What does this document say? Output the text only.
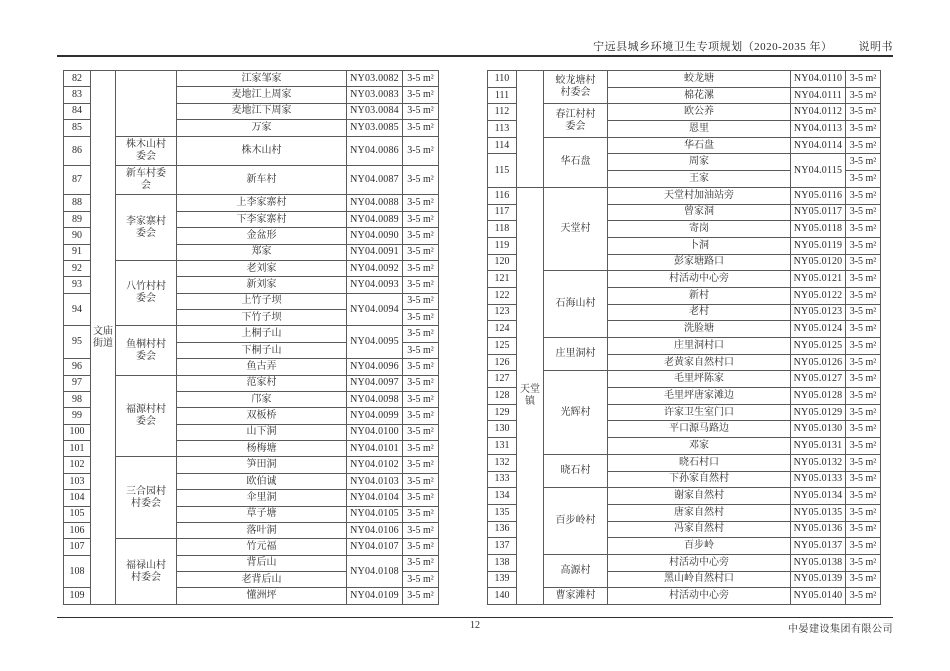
宁远县城乡环境卫生专项规划（2020-2035 年） 说明书
82	文庙街道		江家邹家	NY03.0082	3-5 m²
83			麦地江上周家	NY03.0083	3-5 m²
84			麦地江下周家	NY03.0084	3-5 m²
85			万家	NY03.0085	3-5 m²
86		株木山村委会	株木山村	NY04.0086	3-5 m²
87		新车村委会	新车村	NY04.0087	3-5 m²
88		李家寨村委会	上李家寨村	NY04.0088	3-5 m²
89			下李家寨村	NY04.0089	3-5 m²
90			金盆形	NY04.0090	3-5 m²
91			郑家	NY04.0091	3-5 m²
92		八竹村村委会	老刘家	NY04.0092	3-5 m²
93			新刘家	NY04.0093	3-5 m²
94			上竹子坝	NY04.0094	3-5 m²
			下竹子坝		3-5 m²
95		鱼桐村村委会	上桐子山	NY04.0095	3-5 m²
			下桐子山		3-5 m²
96			鱼古弄	NY04.0096	3-5 m²
97		福源村村委会	范家村	NY04.0097	3-5 m²
98			邝家	NY04.0098	3-5 m²
99			双板桥	NY04.0099	3-5 m²
100			山下洞	NY04.0100	3-5 m²
101			杨梅塘	NY04.0101	3-5 m²
102		三合园村村委会	笋田洞	NY04.0102	3-5 m²
103			欧伯诚	NY04.0103	3-5 m²
104			伞里洞	NY04.0104	3-5 m²
105			草子塘	NY04.0105	3-5 m²
106			落叶洞	NY04.0106	3-5 m²
107		福禄山村村委会	竹元福	NY04.0107	3-5 m²
108			背后山	NY04.0108	3-5 m²
			老背后山		3-5 m²
109			懂洲坪	NY04.0109	3-5 m²
110		蛟龙塘村村委会	蛟龙塘	NY04.0110	3-5 m²
111			棉花漯	NY04.0111	3-5 m²
112		春江村村委会	欧公养	NY04.0112	3-5 m²
113			恩里	NY04.0113	3-5 m²
114		华石盘	华石盘	NY04.0114	3-5 m²
115			周家	NY04.0115	3-5 m²
			王家		3-5 m²
116	天堂镇	天堂村	天堂村加油站旁	NY05.0116	3-5 m²
117			曾家洞	NY05.0117	3-5 m²
118			寄岗	NY05.0118	3-5 m²
119			卜洞	NY05.0119	3-5 m²
120			彭家塘路口	NY05.0120	3-5 m²
121		石海山村	村活动中心旁	NY05.0121	3-5 m²
122			新村	NY05.0122	3-5 m²
123			老村	NY05.0123	3-5 m²
124			洗脸塘	NY05.0124	3-5 m²
125		庄里洞村	庄里洞村口	NY05.0125	3-5 m²
126			老黄家自然村口	NY05.0126	3-5 m²
127		光辉村	毛里坪陈家	NY05.0127	3-5 m²
128			毛里坪唐家滩边	NY05.0128	3-5 m²
129			许家卫生室门口	NY05.0129	3-5 m²
130			平口源马路边	NY05.0130	3-5 m²
131			邓家	NY05.0131	3-5 m²
132		晓石村	晓石村口	NY05.0132	3-5 m²
133			下孙家自然村	NY05.0133	3-5 m²
134		百步岭村	谢家自然村	NY05.0134	3-5 m²
135			唐家自然村	NY05.0135	3-5 m²
136			冯家自然村	NY05.0136	3-5 m²
137			百步岭	NY05.0137	3-5 m²
138		高源村	村活动中心旁	NY05.0138	3-5 m²
139			黑山岭自然村口	NY05.0139	3-5 m²
140		曹家滩村	村活动中心旁	NY05.0140	3-5 m²
12	中晏建设集团有限公司
